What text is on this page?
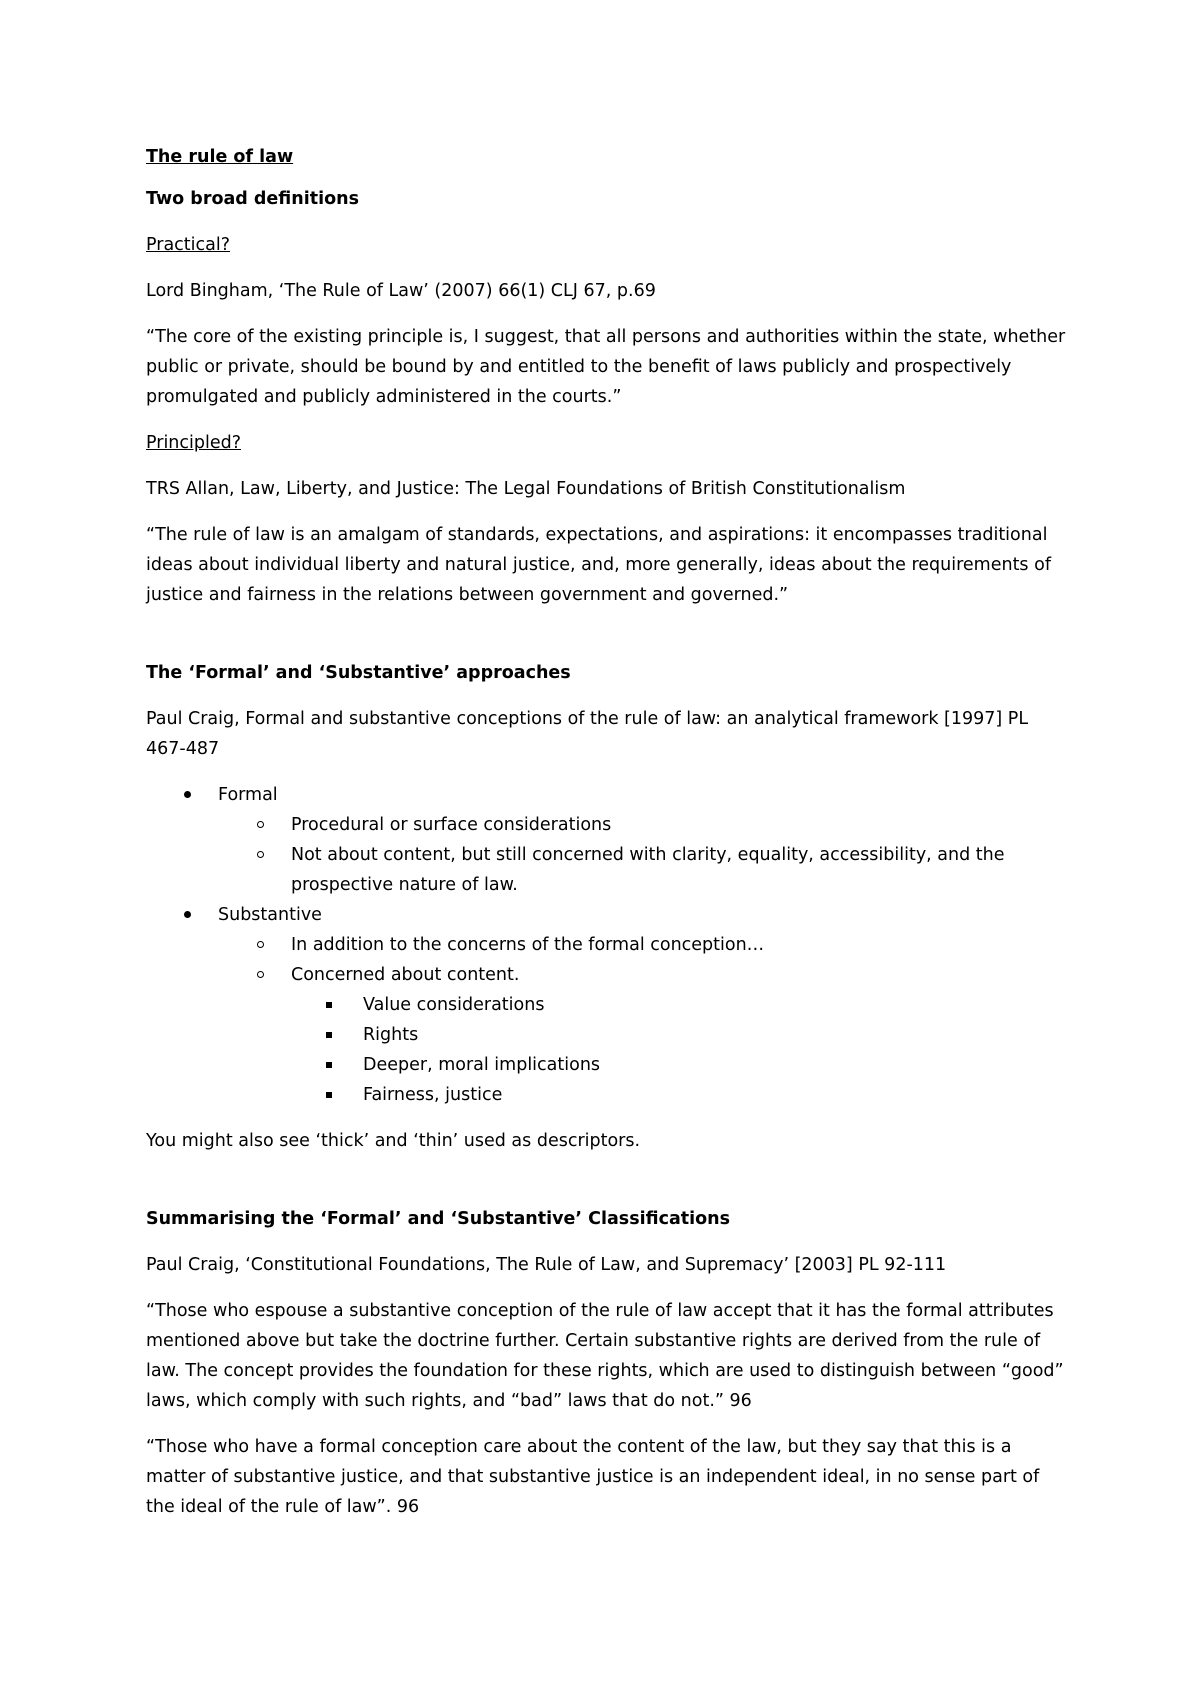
The rule of law

Two broad definitions

Practical?

Lord Bingham, ‘The Rule of Law’ (2007) 66(1) CLJ 67, p.69

“The core of the existing principle is, I suggest, that all persons and authorities within the state, whether public or private, should be bound by and entitled to the benefit of laws publicly and prospectively promulgated and publicly administered in the courts.”

Principled?

TRS Allan, Law, Liberty, and Justice: The Legal Foundations of British Constitutionalism

“The rule of law is an amalgam of standards, expectations, and aspirations: it encompasses traditional ideas about individual liberty and natural justice, and, more generally, ideas about the requirements of justice and fairness in the relations between government and governed.”

The ‘Formal’ and ‘Substantive’ approaches

Paul Craig, Formal and substantive conceptions of the rule of law: an analytical framework [1997] PL 467-487

Formal
Procedural or surface considerations
Not about content, but still concerned with clarity, equality, accessibility, and the prospective nature of law.
Substantive
In addition to the concerns of the formal conception…
Concerned about content.
Value considerations
Rights
Deeper, moral implications
Fairness, justice

You might also see ‘thick’ and ‘thin’ used as descriptors.

Summarising the ‘Formal’ and ‘Substantive’ Classifications

Paul Craig, ‘Constitutional Foundations, The Rule of Law, and Supremacy’ [2003] PL 92-111

“Those who espouse a substantive conception of the rule of law accept that it has the formal attributes mentioned above but take the doctrine further. Certain substantive rights are derived from the rule of law. The concept provides the foundation for these rights, which are used to distinguish between “good” laws, which comply with such rights, and “bad” laws that do not.” 96

“Those who have a formal conception care about the content of the law, but they say that this is a matter of substantive justice, and that substantive justice is an independent ideal, in no sense part of the ideal of the rule of law”. 96
